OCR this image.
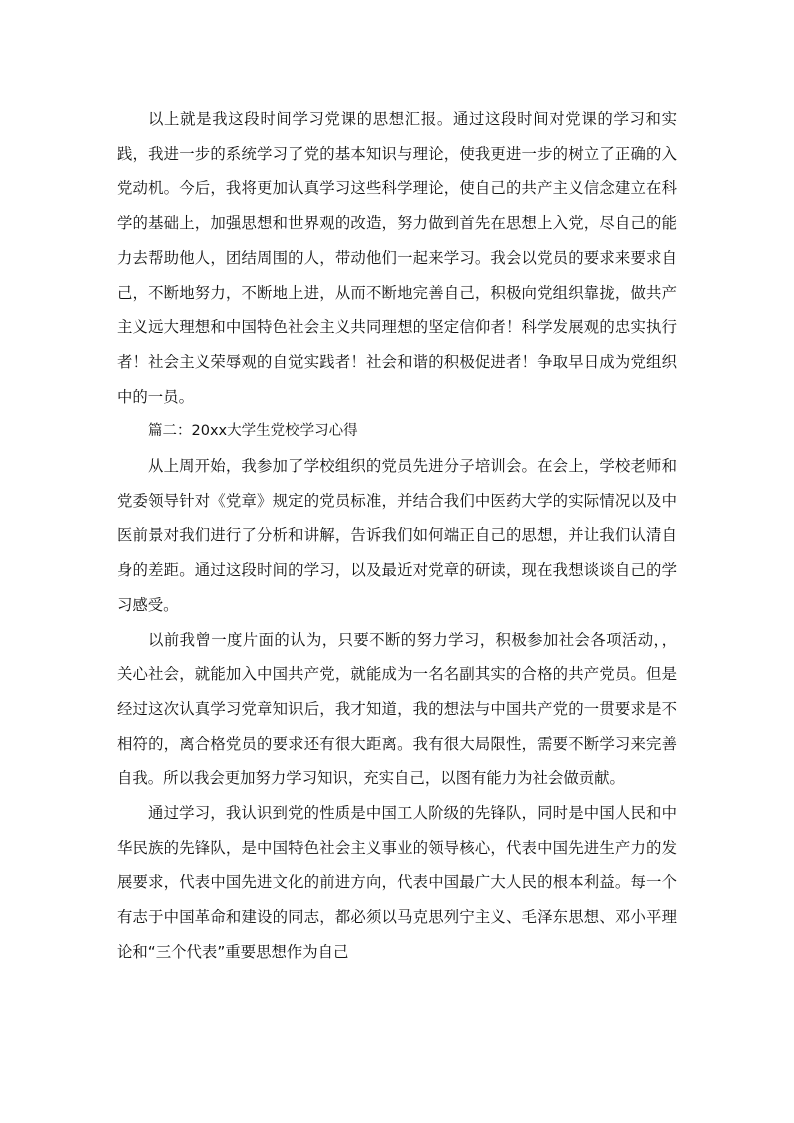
以上就是我这段时间学习党课的思想汇报。通过这段时间对党课的学习和实践，我进一步的系统学习了党的基本知识与理论，使我更进一步的树立了正确的入党动机。今后，我将更加认真学习这些科学理论，使自己的共产主义信念建立在科学的基础上，加强思想和世界观的改造，努力做到首先在思想上入党，尽自己的能力去帮助他人，团结周围的人，带动他们一起来学习。我会以党员的要求来要求自己，不断地努力，不断地上进，从而不断地完善自己，积极向党组织靠拢，做共产主义远大理想和中国特色社会主义共同理想的坚定信仰者！科学发展观的忠实执行者！社会主义荣辱观的自觉实践者！社会和谐的积极促进者！争取早日成为党组织中的一员。

篇二：20xx大学生党校学习心得

从上周开始，我参加了学校组织的党员先进分子培训会。在会上，学校老师和党委领导针对《党章》规定的党员标准，并结合我们中医药大学的实际情况以及中医前景对我们进行了分析和讲解，告诉我们如何端正自己的思想，并让我们认清自身的差距。通过这段时间的学习，以及最近对党章的研读，现在我想谈谈自己的学习感受。

以前我曾一度片面的认为，只要不断的努力学习，积极参加社会各项活动，，关心社会，就能加入中国共产党，就能成为一名名副其实的合格的共产党员。但是经过这次认真学习党章知识后，我才知道，我的想法与中国共产党的一贯要求是不相符的，离合格党员的要求还有很大距离。我有很大局限性，需要不断学习来完善自我。所以我会更加努力学习知识，充实自己，以图有能力为社会做贡献。

通过学习，我认识到党的性质是中国工人阶级的先锋队，同时是中国人民和中华民族的先锋队，是中国特色社会主义事业的领导核心，代表中国先进生产力的发展要求，代表中国先进文化的前进方向，代表中国最广大人民的根本利益。每一个有志于中国革命和建设的同志，都必须以马克思列宁主义、毛泽东思想、邓小平理论和“三个代表”重要思想作为自己
